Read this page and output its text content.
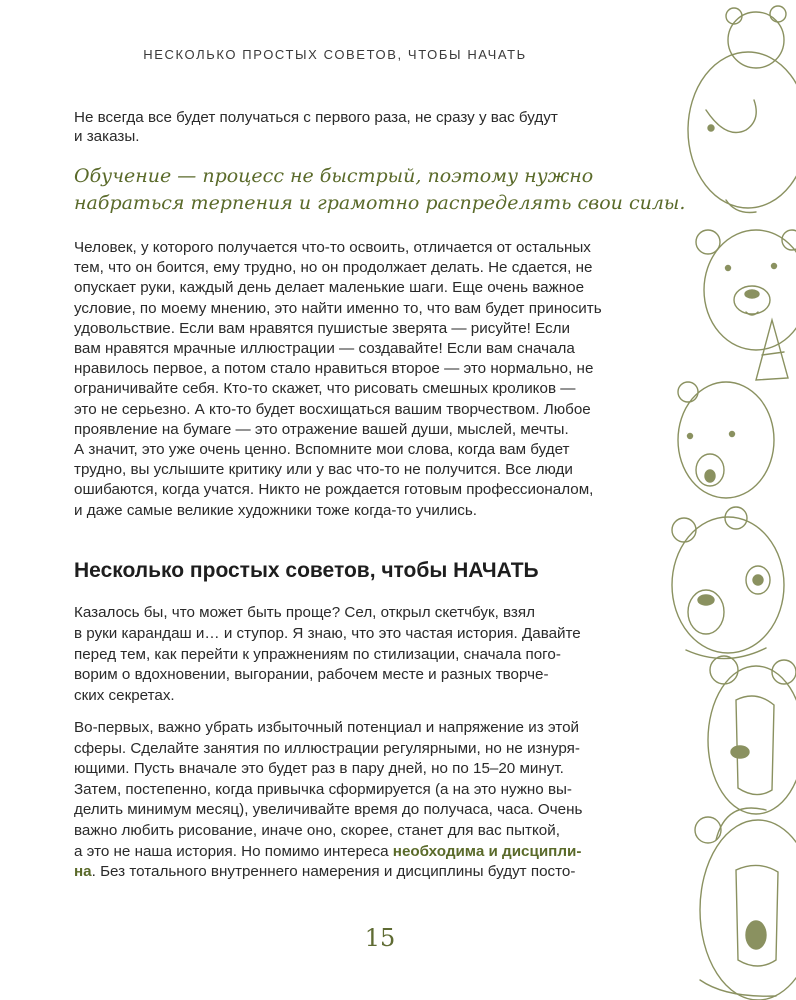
НЕСКОЛЬКО ПРОСТЫХ СОВЕТОВ, ЧТОБЫ НАЧАТЬ
Не всегда все будет получаться с первого раза, не сразу у вас будут
и заказы.
Обучение — процесс не быстрый, поэтому нужно
набраться терпения и грамотно распределять свои силы.
Человек, у которого получается что-то освоить, отличается от остальных
тем, что он боится, ему трудно, но он продолжает делать. Не сдается, не
опускает руки, каждый день делает маленькие шаги. Еще очень важное
условие, по моему мнению, это найти именно то, что вам будет приносить
удовольствие. Если вам нравятся пушистые зверята — рисуйте! Если
вам нравятся мрачные иллюстрации — создавайте! Если вам сначала
нравилось первое, а потом стало нравиться второе — это нормально, не
ограничивайте себя. Кто-то скажет, что рисовать смешных кроликов —
это не серьезно. А кто-то будет восхищаться вашим творчеством. Любое
проявление на бумаге — это отражение вашей души, мыслей, мечты.
А значит, это уже очень ценно. Вспомните мои слова, когда вам будет
трудно, вы услышите критику или у вас что-то не получится. Все люди
ошибаются, когда учатся. Никто не рождается готовым профессионалом,
и даже самые великие художники тоже когда-то учились.
Несколько простых советов, чтобы НАЧАТЬ
Казалось бы, что может быть проще? Сел, открыл скетчбук, взял
в руки карандаш и… и ступор. Я знаю, что это частая история. Давайте
перед тем, как перейти к упражнениям по стилизации, сначала пого-
ворим о вдохновении, выгорании, рабочем месте и разных творче-
ских секретах.
Во-первых, важно убрать избыточный потенциал и напряжение из этой
сферы. Сделайте занятия по иллюстрации регулярными, но не изнуря-
ющими. Пусть вначале это будет раз в пару дней, но по 15–20 минут.
Затем, постепенно, когда привычка сформируется (а на это нужно вы-
делить минимум месяц), увеличивайте время до получаса, часа. Очень
важно любить рисование, иначе оно, скорее, станет для вас пыткой,
а это не наша история. Но помимо интереса необходима и дисципли-
на. Без тотального внутреннего намерения и дисциплины будут посто-
15
